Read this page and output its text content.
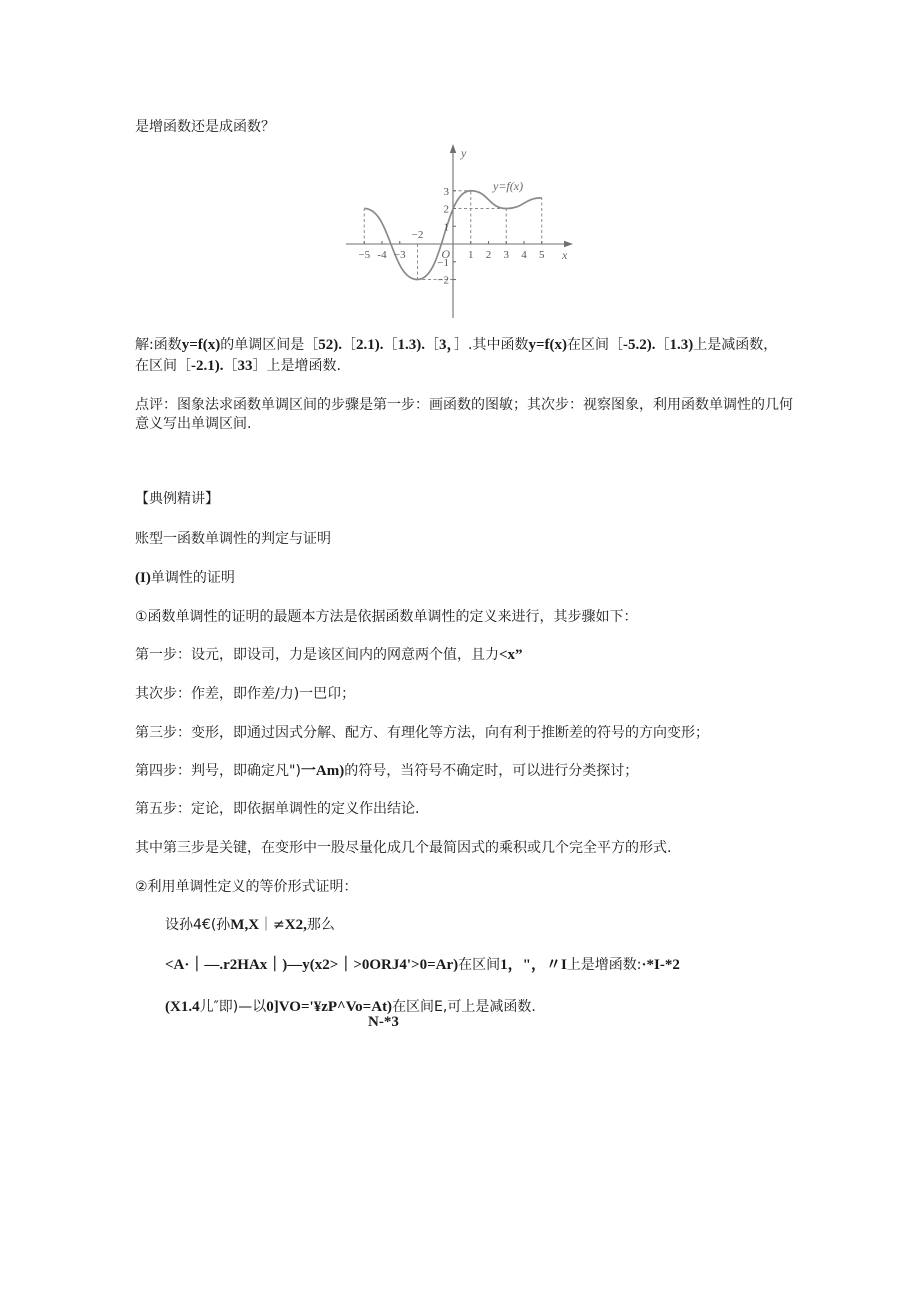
是增函数还是成函数？
3
2
1
−1
−2
−5 -4 −3	1 2 3 4 5
−2
O
y
x
y=f(x)
解:函数y=f(x)的单调区间是［52).［2.1).［1.3).［3，］.其中函数y=f(x)在区间［-5.2).［1.3)上是减函数，
在区间［-2.1).［33］上是增函数.
点评：图象法求函数单调区间的步骤是第一步：画函数的图敏；其次步：视察图象，利用函数单调性的几何
意义写出单调区间.
【典例精讲】
账型一函数单调性的判定与证明
(I)单调性的证明
①函数单调性的证明的最题本方法是依据函数单调性的定义来进行，其步骤如下：
第一步：设元，即设司，力是该区间内的网意两个值，且力<x”
其次步：作差，即作差/力)一巴卬；
第三步：变形，即通过因式分解、配方、有理化等方法，向有利于推断差的符号的方向变形；
第四步：判号，即确定凡")一Am)的符号，当符号不确定时，可以进行分类探讨；
第五步：定论，即依据单调性的定义作出结论.
其中第三步是关键，在变形中一股尽量化成几个最简因式的乘积或几个完全平方的形式.
②利用单调性定义的等价形式证明：
设孙4€(孙M,X｜≠X2,那么
<A·｜—.r2HAx｜)—y(x2>｜>0ORJ4'>0=Ar)在区间1，"，〃I上是增函数:·*I-*2
(X1.4儿″即)—以0]VO='¥zP^Vo=At)在区间E,可上是减函数.
N-*3
